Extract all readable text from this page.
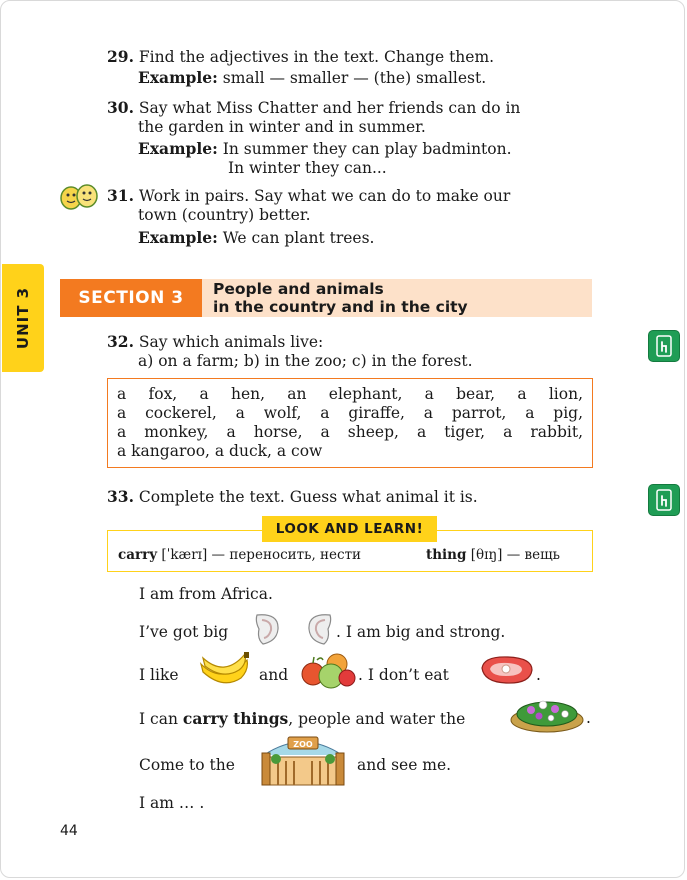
29. Find the adjectives in the text. Change them.
Example: small — smaller — (the) smallest.
30. Say what Miss Chatter and her friends can do in
the garden in winter and in summer.
Example: In summer they can play badminton.
In winter they can...
31. Work in pairs. Say what we can do to make our
town (country) better.
Example: We can plant trees.
UNIT 3	SECTION 3	People and animals
in the country and in the city
32. Say which animals live:
a) on a farm; b) in the zoo; c) in the forest.
a fox, a hen, an elephant, a bear, a lion,
a cockerel, a wolf, a giraffe, a parrot, a pig,
a monkey, a horse, a sheep, a tiger, a rabbit,
a kangaroo, a duck, a cow
33. Complete the text. Guess what animal it is.
LOOK AND LEARN!
carry [ˈkærɪ] — переносить, нести	thing [θɪŋ] — вещь
I am from Africa.
I’ve got big	. I am big and strong.
I like	and	. I don’t eat	.
I can carry things, people and water the	.
Come to the
ZOO
and see me.
I am … .
44
